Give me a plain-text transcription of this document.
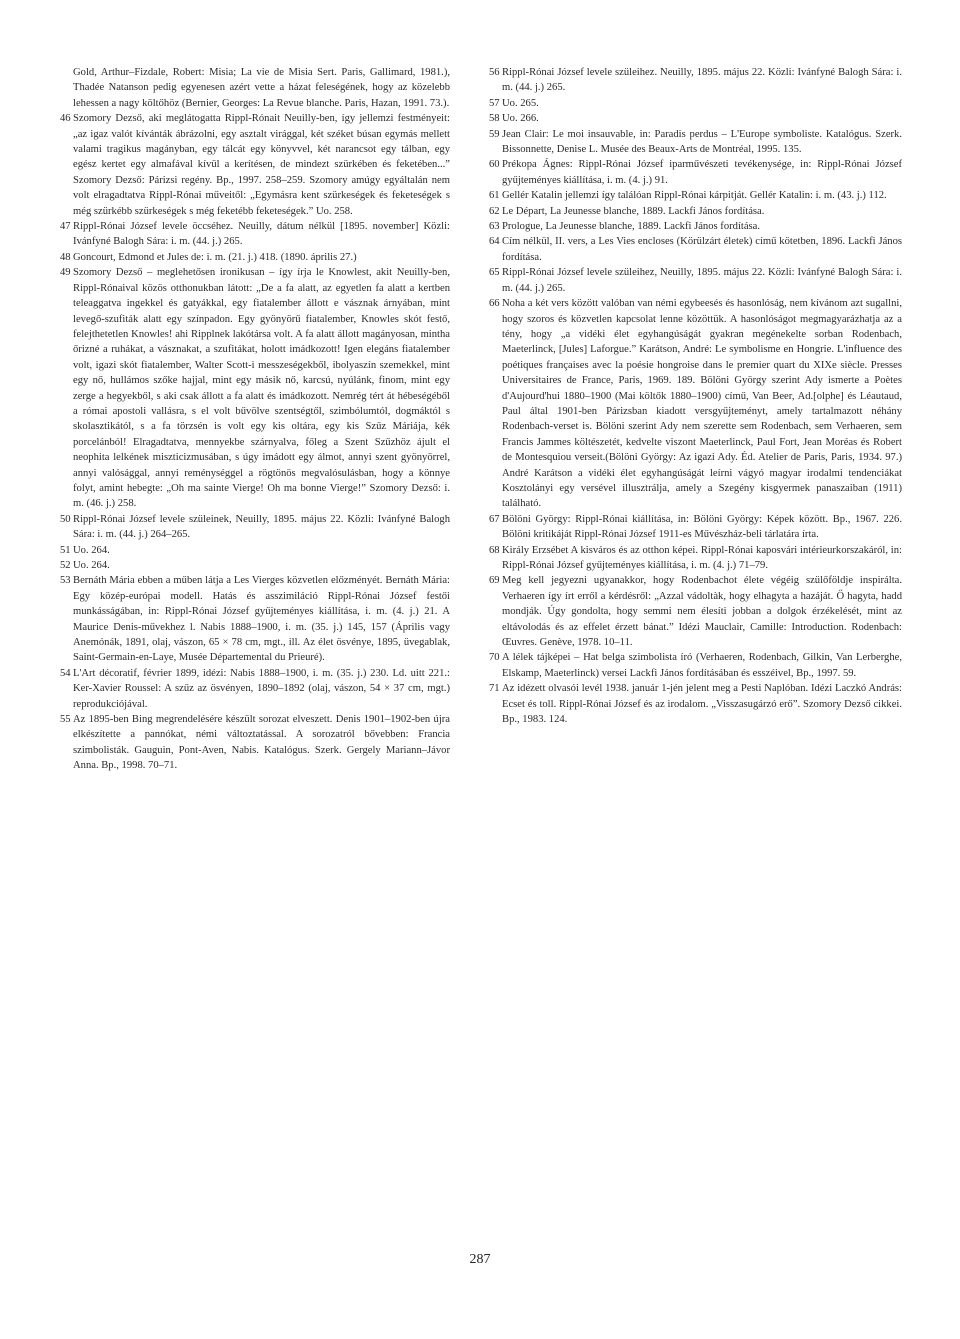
Gold, Arthur–Fizdale, Robert: Misia; La vie de Misia Sert. Paris, Gallimard, 1981.), Thadée Natanson pedig egyenesen azért vette a házat feleségének, hogy az közelebb lehessen a nagy költőhöz (Bernier, Georges: La Revue blanche. Paris, Hazan, 1991. 73.).

46 Szomory Dezső, aki meglátogatta Rippl-Rónait Neuilly-ben, így jellemzi festményeit: „az igaz valót kívánták ábrázolni, egy asztalt virággal, két széket búsan egymás mellett valami tragikus magányban, egy tálcát egy könyvvel, két narancsot egy tálban, egy egész kertet egy almafával kívül a kerítésen, de mindezt szürkében és feketében...” Szomory Dezső: Párizsi regény. Bp., 1997. 258–259. Szomory amúgy egyáltalán nem volt elragadtatva Rippl-Rónai műveitől: „Egymásra kent szürkeségek és feketeségek s még szürkébb szürkeségek s még feketébb feketeségek.” Uo. 258.

47 Rippl-Rónai József levele öccséhez. Neuilly, dátum nélkül [1895. november] Közli: Ivánfyné Balogh Sára: i. m. (44. j.) 265.

48 Goncourt, Edmond et Jules de: i. m. (21. j.) 418. (1890. április 27.)

49 Szomory Dezső – meglehetősen ironikusan – így írja le Knowlest, akit Neuilly-ben, Rippl-Rónaival közös otthonukban látott: „De a fa alatt, az egyetlen fa alatt a kertben teleaggatva ingekkel és gatyákkal, egy fiatalember állott e vásznak árnyában, mint levegő-szufiták alatt egy színpadon. Egy gyönyörű fiatalember, Knowles skót festő, felejthetetlen Knowles! ahi Ripplnek lakótársa volt. A fa alatt állott magányosan, mintha őrizné a ruhákat, a vásznakat, a szufitákat, holott imádkozott! Igen elegáns fiatalember volt, igazi skót fiatalember, Walter Scott-i messzeségekből, ibolyaszín szemekkel, mint egy nő, hullámos szőke hajjal, mint egy másik nő, karcsú, nyúlánk, finom, mint egy zerge a hegyekből, s aki csak állott a fa alatt és imádkozott. Nemrég tért át hébeségéből a római apostoli vallásra, s el volt bűvölve szentségtől, szimbólumtól, dogmáktól s skolasztikától, s a fa törzsén is volt egy kis oltára, egy kis Szűz Máriája, kék porcelánból! Elragadtatva, mennyekbe szárnyalva, főleg a Szent Szűzhöz ájult el neophita lelkének miszticizmusában, s úgy imádott egy álmot, annyi szent gyönyörrel, annyi valósággal, annyi reménységgel a rögtönös megvalósulásban, hogy a könnye folyt, amint hebegte: „Oh ma sainte Vierge! Oh ma bonne Vierge!” Szomory Dezső: i. m. (46. j.) 258.

50 Rippl-Rónai József levele szüleinek, Neuilly, 1895. május 22. Közli: Ivánfyné Balogh Sára: i. m. (44. j.) 264–265.

51 Uo. 264.

52 Uo. 264.

53 Bernáth Mária ebben a műben látja a Les Vierges közvetlen előzményét. Bernáth Mária: Egy közép-európai modell. Hatás és asszimiláció Rippl-Rónai József festői munkásságában, in: Rippl-Rónai József gyűjteményes kiállítása, i. m. (4. j.) 21. A Maurice Denis-művekhez l. Nabis 1888–1900, i. m. (35. j.) 145, 157 (Április vagy Anemónák, 1891, olaj, vászon, 65 × 78 cm, mgt., ill. Az élet ösvénye, 1895, üvegablak, Saint-Germain-en-Laye, Musée Départemental du Prieuré).

54 L'Art décoratif, février 1899, idézi: Nabis 1888–1900, i. m. (35. j.) 230. Ld. uitt 221.: Ker-Xavier Roussel: A szűz az ösvényen, 1890–1892 (olaj, vászon, 54 × 37 cm, mgt.) reprodukciójával.

55 Az 1895-ben Bing megrendelésére készült sorozat elveszett. Denis 1901–1902-ben újra elkészítette a pannókat, némi változtatással. A sorozatról bővebben: Francia szimbolisták. Gauguin, Pont-Aven, Nabis. Katalógus. Szerk. Gergely Mariann–Jávor Anna. Bp., 1998. 70–71.

56 Rippl-Rónai József levele szüleihez. Neuilly, 1895. május 22. Közli: Ivánfyné Balogh Sára: i. m. (44. j.) 265.

57 Uo. 265.

58 Uo. 266.

59 Jean Clair: Le moi insauvable, in: Paradis perdus – L'Europe symboliste. Katalógus. Szerk. Bissonnette, Denise L. Musée des Beaux-Arts de Montréal, 1995. 135.

60 Prékopa Ágnes: Rippl-Rónai József iparművészeti tevékenysége, in: Rippl-Rónai József gyűjteményes kiállítása, i. m. (4. j.) 91.

61 Gellér Katalin jellemzi így találóan Rippl-Rónai kárpitját. Gellér Katalin: i. m. (43. j.) 112.

62 Le Départ, La Jeunesse blanche, 1889. Lackfi János fordítása.

63 Prologue, La Jeunesse blanche, 1889. Lackfi János fordítása.

64 Cím nélkül, II. vers, a Les Vies encloses (Körülzárt életek) című kötetben, 1896. Lackfi János fordítása.

65 Rippl-Rónai József levele szüleihez, Neuilly, 1895. május 22. Közli: Ivánfyné Balogh Sára: i. m. (44. j.) 265.

66 Noha a két vers között valóban van némi egybeesés és hasonlóság, nem kívánom azt sugallni, hogy szoros és közvetlen kapcsolat lenne közöttük. A hasonlóságot megmagyarázhatja az a tény, hogy „a vidéki élet egyhangúságát gyakran megénekelte sorban Rodenbach, Maeterlinck, [Jules] Laforgue.” Karátson, André: Le symbolisme en Hongrie. L'influence des poétiques françaises avec la poésie hongroise dans le premier quart du XIXe siècle. Presses Universitaires de France, Paris, 1969. 189. Bölöni György szerint Ady ismerte a Poètes d'Aujourd'hui 1880–1900 (Mai költők 1880–1900) című, Van Beer, Ad.[olphe] és Léautaud, Paul által 1901-ben Párizsban kiadott versgyűjteményt, amely tartalmazott néhány Rodenbach-verset is. Bölöni szerint Ady nem szerette sem Rodenbach, sem Verhaeren, sem Francis Jammes költészetét, kedvelte viszont Maeterlinck, Paul Fort, Jean Moréas és Robert de Montesquiou verseit.(Bölöni György: Az igazi Ady. Éd. Atelier de Paris, Paris, 1934. 97.) André Karátson a vidéki élet egyhangúságát leírni vágyó magyar irodalmi tendenciákat Kosztolányi egy versével illusztrálja, amely a Szegény kisgyermek panaszaiban (1911) található.

67 Bölöni György: Rippl-Rónai kiállítása, in: Bölöni György: Képek között. Bp., 1967. 226. Bölöni kritikáját Rippl-Rónai József 1911-es Művészház-beli tárlatára írta.

68 Király Erzsébet A kisváros és az otthon képei. Rippl-Rónai kaposvári intérieurkorszakáról, in: Rippl-Rónai József gyűjteményes kiállítása, i. m. (4. j.) 71–79.

69 Meg kell jegyezni ugyanakkor, hogy Rodenbachot élete végéig szülőföldje inspirálta. Verhaeren így írt erről a kérdésről: „Azzal vádoltàk, hogy elhagyta a hazáját. Ő hagyta, hadd mondják. Úgy gondolta, hogy semmi nem élesíti jobban a dolgok érzékelését, mint az eltávolodás és az effelet érzett bánat.” Idézi Mauclair, Camille: Introduction. Rodenbach: Œuvres. Genève, 1978. 10–11.

70 A lélek tájképei – Hat belga szimbolista író (Verhaeren, Rodenbach, Gilkin, Van Lerberghe, Elskamp, Maeterlinck) versei Lackfi János fordításában és esszéivel, Bp., 1997. 59.

71 Az idézett olvasói levél 1938. január 1-jén jelent meg a Pesti Naplóban. Idézi Laczkó András: Ecset és toll. Rippl-Rónai József és az irodalom. „Visszasugárzó erő”. Szomory Dezső cikkei. Bp., 1983. 124.

287
